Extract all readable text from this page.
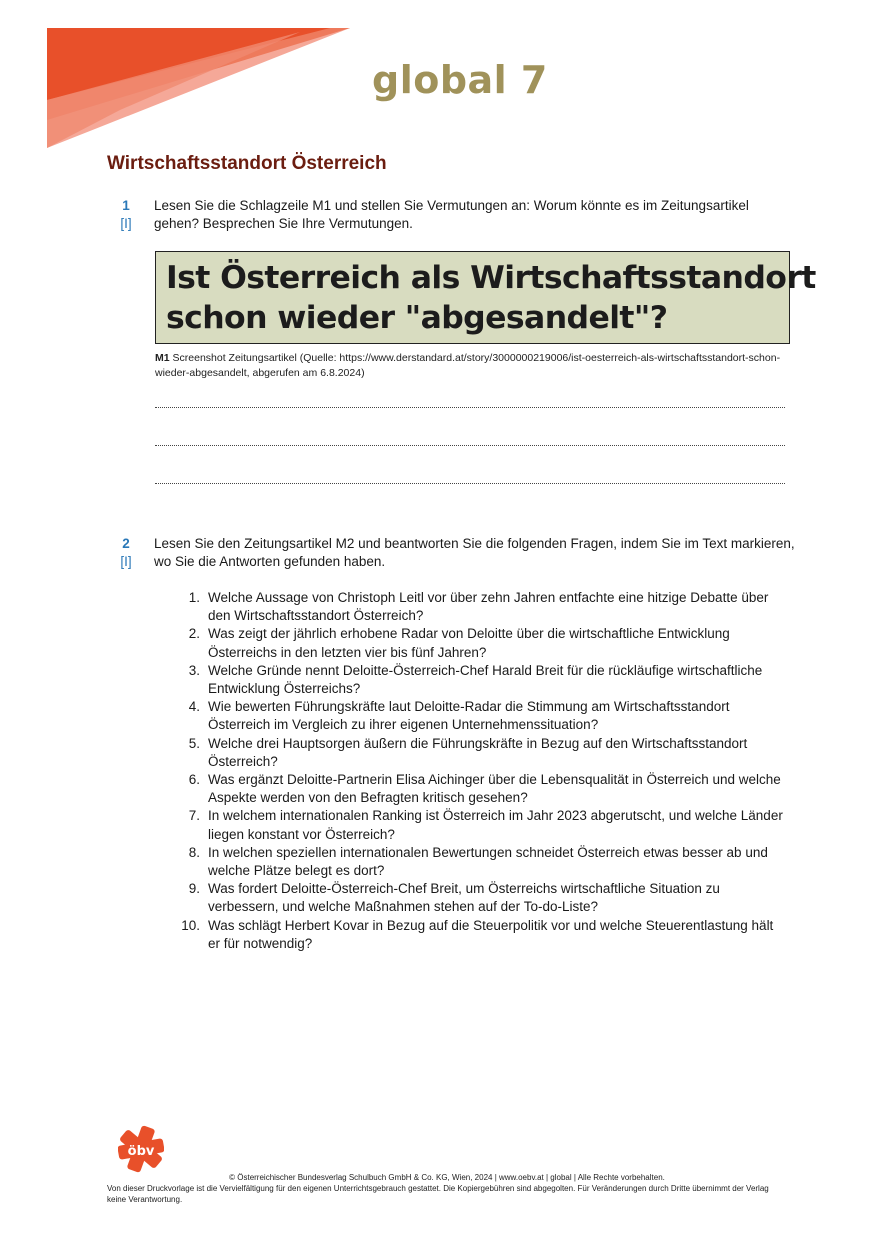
global 7
Wirtschaftsstandort Österreich
1
[I]
Lesen Sie die Schlagzeile M1 und stellen Sie Vermutungen an: Worum könnte es im Zeitungsartikel gehen? Besprechen Sie Ihre Vermutungen.
Ist Österreich als Wirtschaftsstandort
schon wieder "abgesandelt"?
M1 Screenshot Zeitungsartikel (Quelle: https://www.derstandard.at/story/3000000219006/ist-oesterreich-als-wirtschaftsstandort-schon-wieder-abgesandelt, abgerufen am 6.8.2024)
2
[I]
Lesen Sie den Zeitungsartikel M2 und beantworten Sie die folgenden Fragen, indem Sie im Text markieren, wo Sie die Antworten gefunden haben.
1. Welche Aussage von Christoph Leitl vor über zehn Jahren entfachte eine hitzige Debatte über den Wirtschaftsstandort Österreich?
2. Was zeigt der jährlich erhobene Radar von Deloitte über die wirtschaftliche Entwicklung Österreichs in den letzten vier bis fünf Jahren?
3. Welche Gründe nennt Deloitte-Österreich-Chef Harald Breit für die rückläufige wirtschaftliche Entwicklung Österreichs?
4. Wie bewerten Führungskräfte laut Deloitte-Radar die Stimmung am Wirtschaftsstandort Österreich im Vergleich zu ihrer eigenen Unternehmenssituation?
5. Welche drei Hauptsorgen äußern die Führungskräfte in Bezug auf den Wirtschaftsstandort Österreich?
6. Was ergänzt Deloitte-Partnerin Elisa Aichinger über die Lebensqualität in Österreich und welche Aspekte werden von den Befragten kritisch gesehen?
7. In welchem internationalen Ranking ist Österreich im Jahr 2023 abgerutscht, und welche Länder liegen konstant vor Österreich?
8. In welchen speziellen internationalen Bewertungen schneidet Österreich etwas besser ab und welche Plätze belegt es dort?
9. Was fordert Deloitte-Österreich-Chef Breit, um Österreichs wirtschaftliche Situation zu verbessern, und welche Maßnahmen stehen auf der To-do-Liste?
10. Was schlägt Herbert Kovar in Bezug auf die Steuerpolitik vor und welche Steuerentlastung hält er für notwendig?
öbv
© Österreichischer Bundesverlag Schulbuch GmbH & Co. KG, Wien, 2024 | www.oebv.at | global | Alle Rechte vorbehalten.
Von dieser Druckvorlage ist die Vervielfältigung für den eigenen Unterrichtsgebrauch gestattet. Die Kopiergebühren sind abgegolten. Für Veränderungen durch Dritte übernimmt der Verlag keine Verantwortung.
